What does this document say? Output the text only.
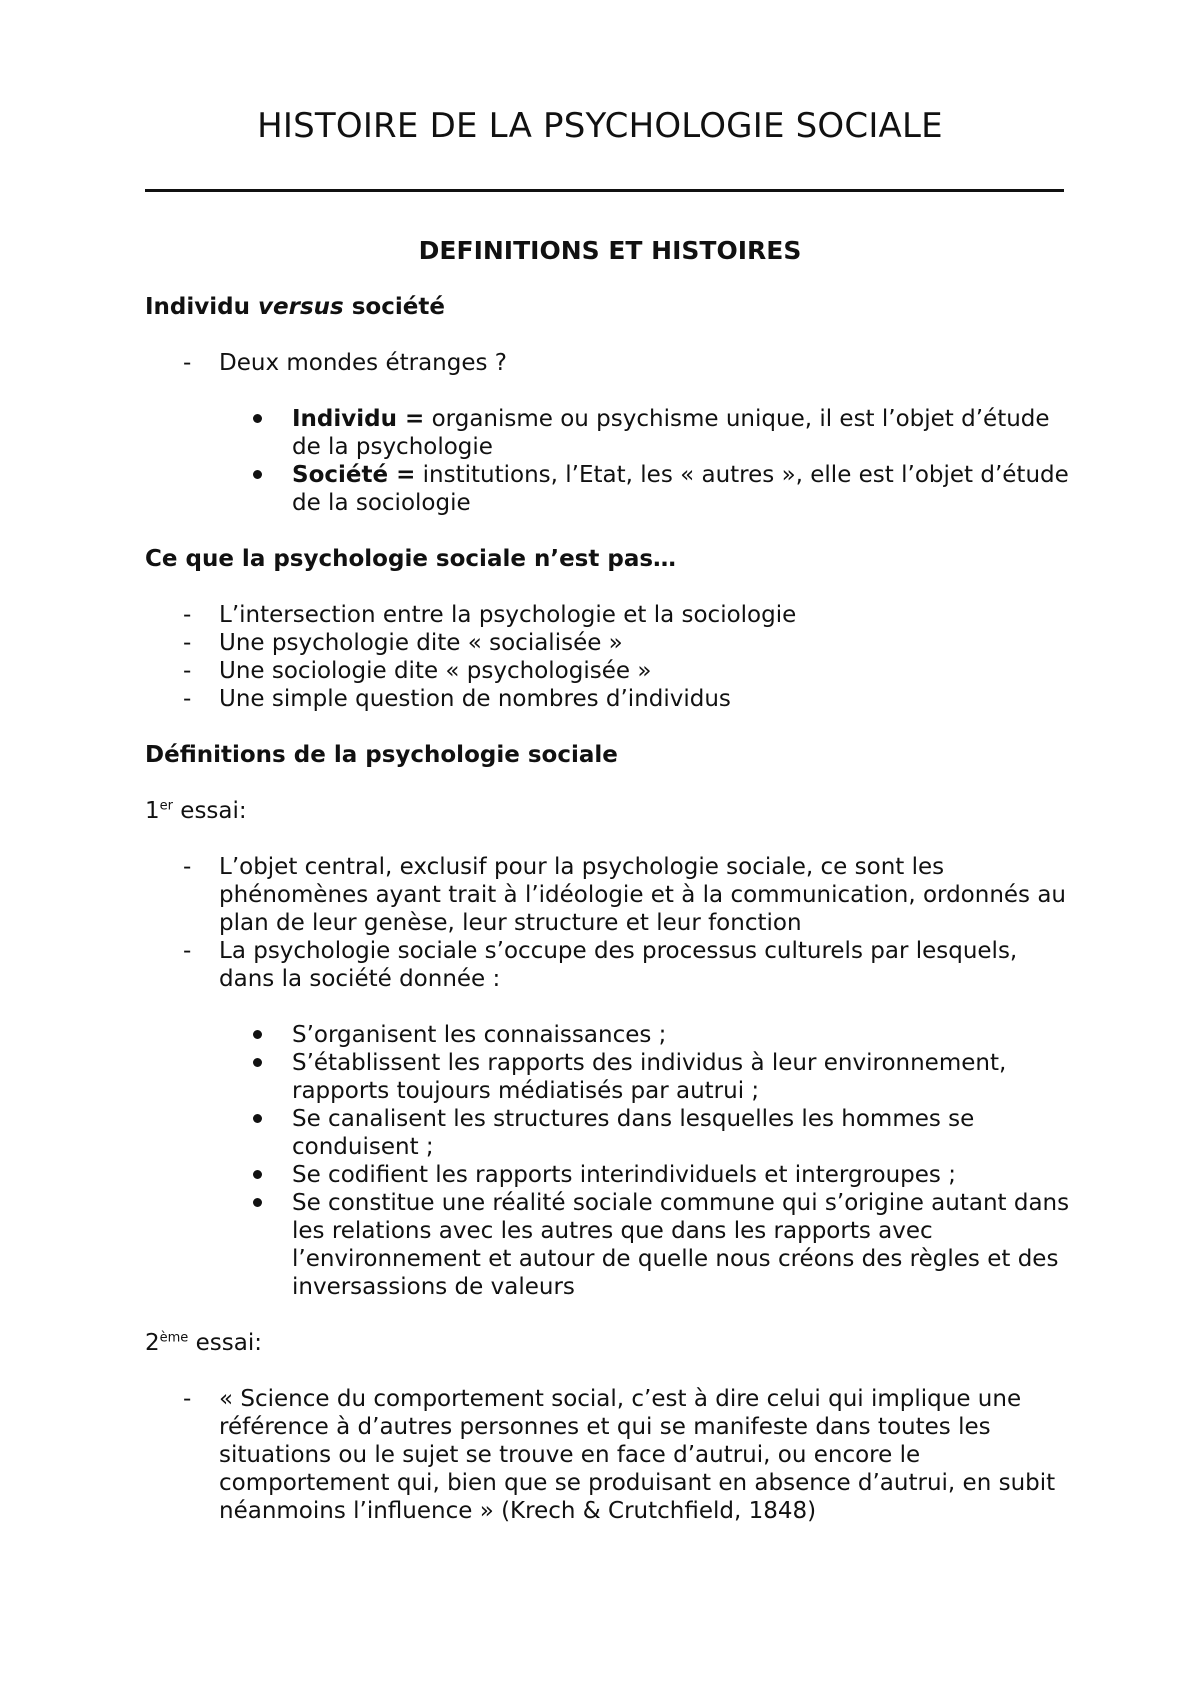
HISTOIRE DE LA PSYCHOLOGIE SOCIALE
DEFINITIONS ET HISTOIRES
Individu versus société
- Deux mondes étranges ?
Individu = organisme ou psychisme unique, il est l’objet d’étude de la psychologie
Société = institutions, l’Etat, les « autres », elle est l’objet d’étude de la sociologie
Ce que la psychologie sociale n’est pas…
- L’intersection entre la psychologie et la sociologie
- Une psychologie dite « socialisée »
- Une sociologie dite « psychologisée »
- Une simple question de nombres d’individus
Définitions de la psychologie sociale
1er essai:
- L’objet central, exclusif pour la psychologie sociale, ce sont les phénomènes ayant trait à l’idéologie et à la communication, ordonnés au plan de leur genèse, leur structure et leur fonction
- La psychologie sociale s’occupe des processus culturels par lesquels, dans la société donnée :
S’organisent les connaissances ;
S’établissent les rapports des individus à leur environnement, rapports toujours médiatisés par autrui ;
Se canalisent les structures dans lesquelles les hommes se conduisent ;
Se codifient les rapports interindividuels et intergroupes ;
Se constitue une réalité sociale commune qui s’origine autant dans les relations avec les autres que dans les rapports avec l’environnement et autour de quelle nous créons des règles et des inversassions de valeurs
2ème essai:
- « Science du comportement social, c’est à dire celui qui implique une référence à d’autres personnes et qui se manifeste dans toutes les situations ou le sujet se trouve en face d’autrui, ou encore le comportement qui, bien que se produisant en absence d’autrui, en subit néanmoins l’influence » (Krech & Crutchfield, 1848)
